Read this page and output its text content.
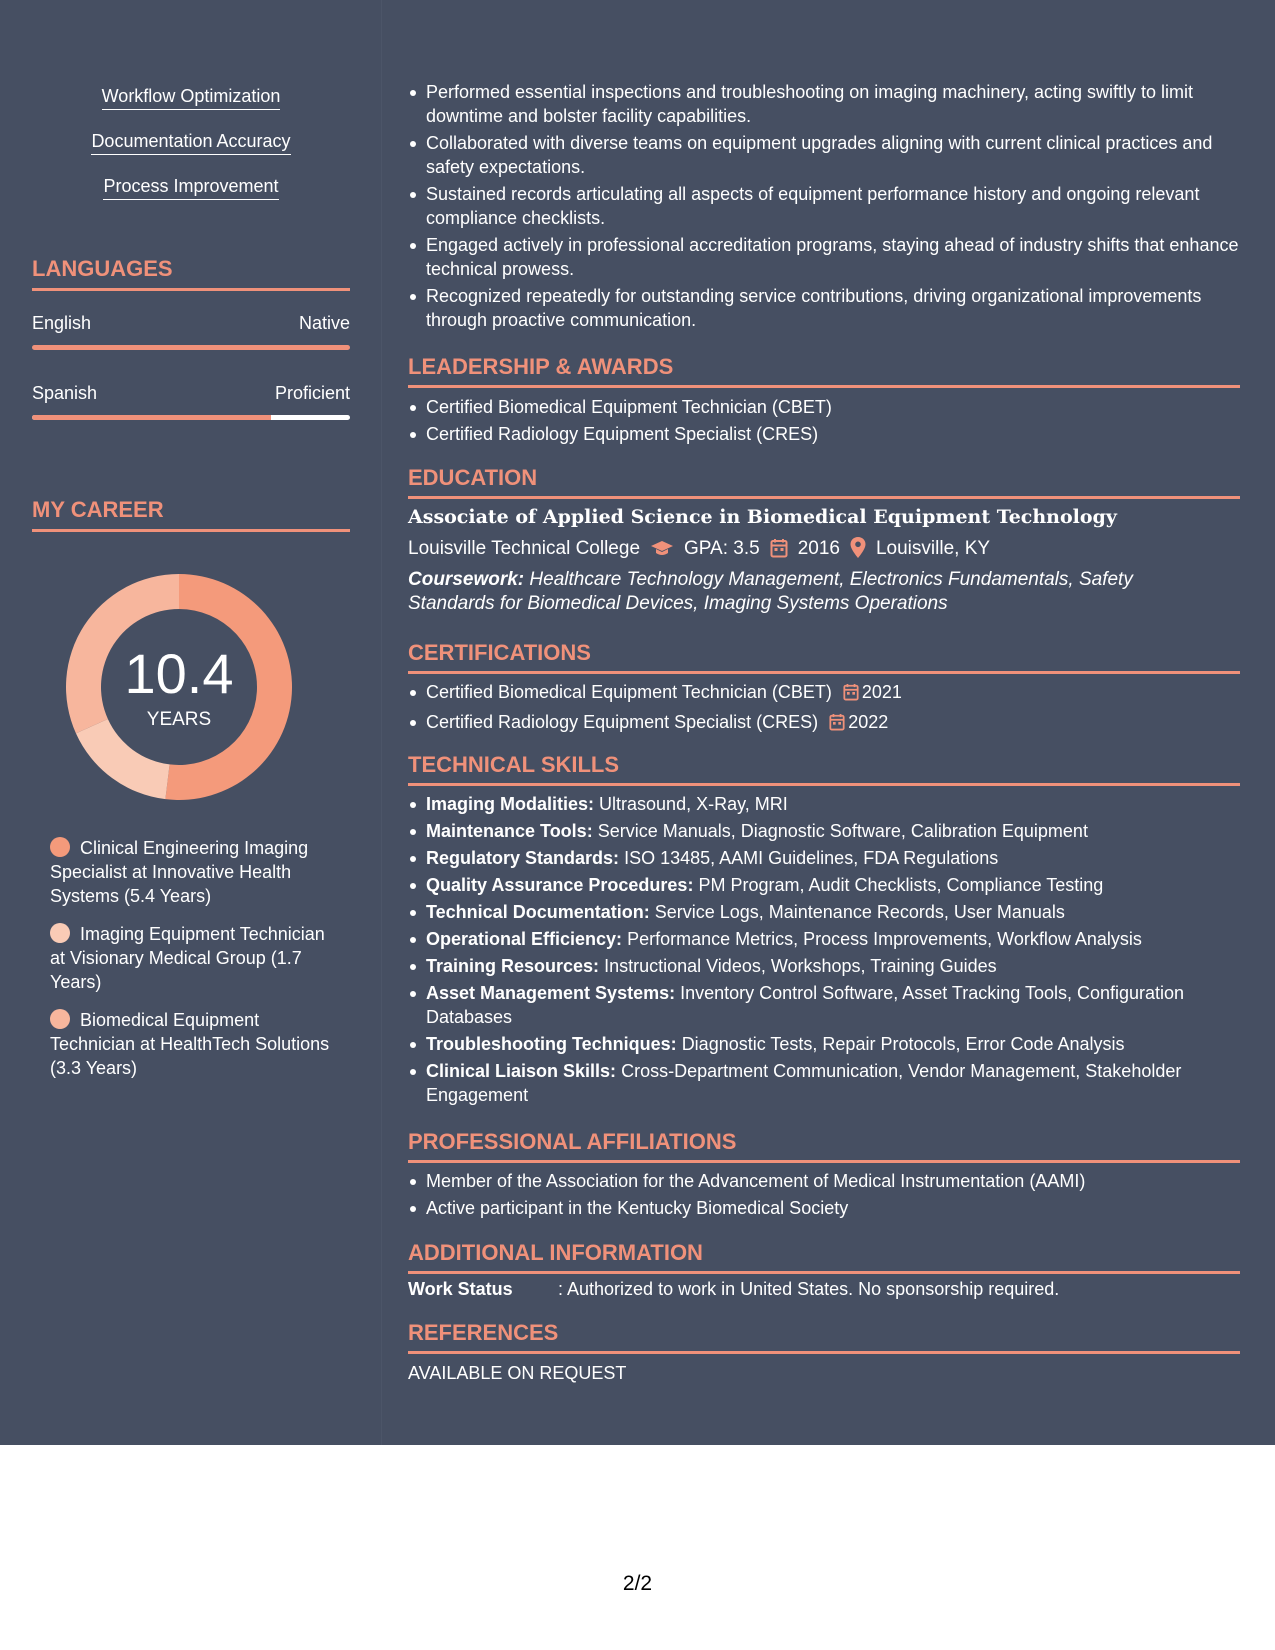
Workflow Optimization
Documentation Accuracy
Process Improvement
LANGUAGES
English	Native
Spanish	Proficient
MY CAREER
10.4
YEARS
Clinical Engineering Imaging Specialist at Innovative Health Systems (5.4 Years)
Imaging Equipment Technician at Visionary Medical Group (1.7 Years)
Biomedical Equipment Technician at HealthTech Solutions (3.3 Years)
Performed essential inspections and troubleshooting on imaging machinery, acting swiftly to limit downtime and bolster facility capabilities.
Collaborated with diverse teams on equipment upgrades aligning with current clinical practices and safety expectations.
Sustained records articulating all aspects of equipment performance history and ongoing relevant compliance checklists.
Engaged actively in professional accreditation programs, staying ahead of industry shifts that enhance technical prowess.
Recognized repeatedly for outstanding service contributions, driving organizational improvements through proactive communication.
LEADERSHIP & AWARDS
Certified Biomedical Equipment Technician (CBET)
Certified Radiology Equipment Specialist (CRES)
EDUCATION
Associate of Applied Science in Biomedical Equipment Technology
Louisville Technical College GPA: 3.5 2016 Louisville, KY
Coursework: Healthcare Technology Management, Electronics Fundamentals, Safety Standards for Biomedical Devices, Imaging Systems Operations
CERTIFICATIONS
Certified Biomedical Equipment Technician (CBET) 2021
Certified Radiology Equipment Specialist (CRES) 2022
TECHNICAL SKILLS
Imaging Modalities: Ultrasound, X-Ray, MRI
Maintenance Tools: Service Manuals, Diagnostic Software, Calibration Equipment
Regulatory Standards: ISO 13485, AAMI Guidelines, FDA Regulations
Quality Assurance Procedures: PM Program, Audit Checklists, Compliance Testing
Technical Documentation: Service Logs, Maintenance Records, User Manuals
Operational Efficiency: Performance Metrics, Process Improvements, Workflow Analysis
Training Resources: Instructional Videos, Workshops, Training Guides
Asset Management Systems: Inventory Control Software, Asset Tracking Tools, Configuration Databases
Troubleshooting Techniques: Diagnostic Tests, Repair Protocols, Error Code Analysis
Clinical Liaison Skills: Cross-Department Communication, Vendor Management, Stakeholder Engagement
PROFESSIONAL AFFILIATIONS
Member of the Association for the Advancement of Medical Instrumentation (AAMI)
Active participant in the Kentucky Biomedical Society
ADDITIONAL INFORMATION
Work Status	: Authorized to work in United States. No sponsorship required.
REFERENCES
AVAILABLE ON REQUEST
2/2
